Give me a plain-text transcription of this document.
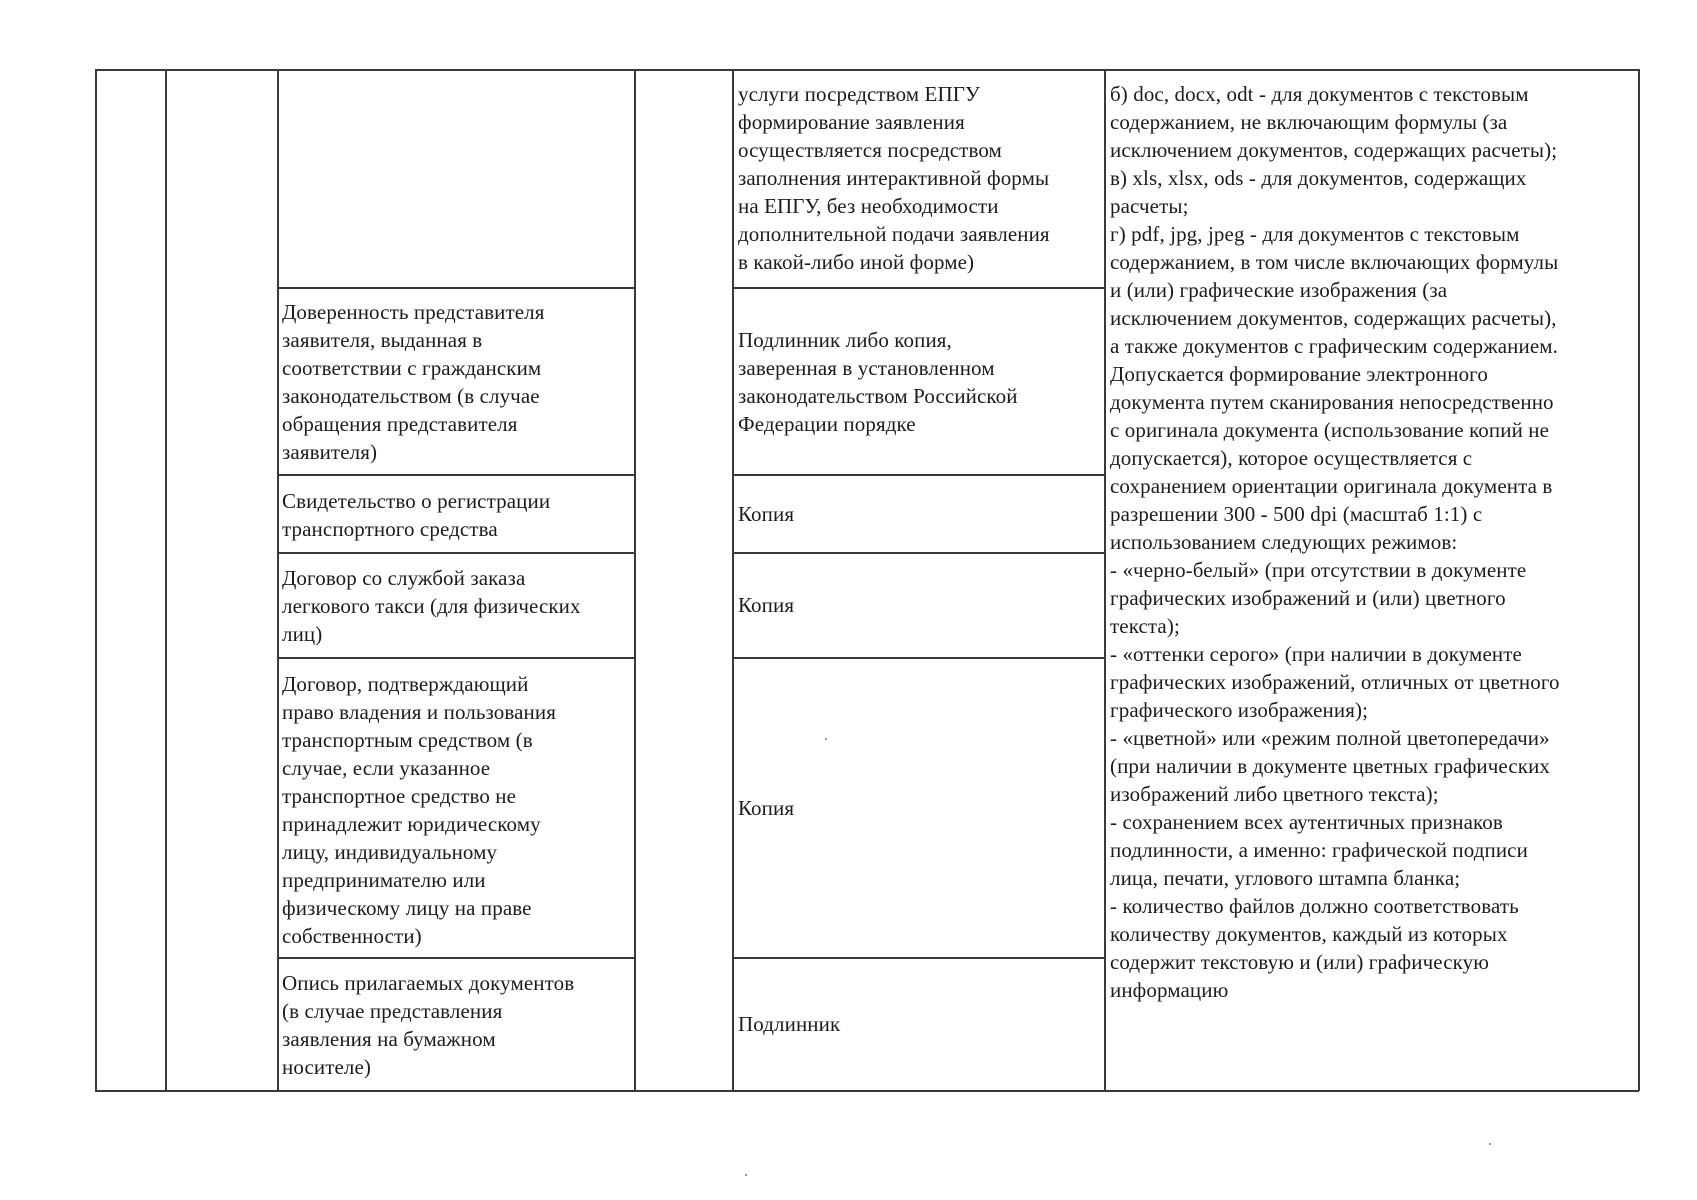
Доверенность представителя
заявителя, выданная в
соответствии с гражданским
законодательством (в случае
обращения представителя
заявителя)
Свидетельство о регистрации
транспортного средства
Договор со службой заказа
легкового такси (для физических
лиц)
Договор, подтверждающий
право владения и пользования
транспортным средством (в
случае, если указанное
транспортное средство не
принадлежит юридическому
лицу, индивидуальному
предпринимателю или
физическому лицу на праве
собственности)
Опись прилагаемых документов
(в случае представления
заявления на бумажном
носителе)
услуги посредством ЕПГУ
формирование заявления
осуществляется посредством
заполнения интерактивной формы
на ЕПГУ, без необходимости
дополнительной подачи заявления
в какой-либо иной форме)
Подлинник либо копия,
заверенная в установленном
законодательством Российской
Федерации порядке
Копия
Копия
Копия
Подлинник
б) doc, docx, odt - для документов с текстовым
содержанием, не включающим формулы (за
исключением документов, содержащих расчеты);
в) xls, xlsx, ods - для документов, содержащих
расчеты;
г) pdf, jpg, jpeg - для документов с текстовым
содержанием, в том числе включающих формулы
и (или) графические изображения (за
исключением документов, содержащих расчеты),
а также документов с графическим содержанием.
Допускается формирование электронного
документа путем сканирования непосредственно
с оригинала документа (использование копий не
допускается), которое осуществляется с
сохранением ориентации оригинала документа в
разрешении 300 - 500 dpi (масштаб 1:1) с
использованием следующих режимов:
- «черно-белый» (при отсутствии в документе
графических изображений и (или) цветного
текста);
- «оттенки серого» (при наличии в документе
графических изображений, отличных от цветного
графического изображения);
- «цветной» или «режим полной цветопередачи»
(при наличии в документе цветных графических
изображений либо цветного текста);
- сохранением всех аутентичных признаков
подлинности, а именно: графической подписи
лица, печати, углового штампа бланка;
- количество файлов должно соответствовать
количеству документов, каждый из которых
содержит текстовую и (или) графическую
информацию
